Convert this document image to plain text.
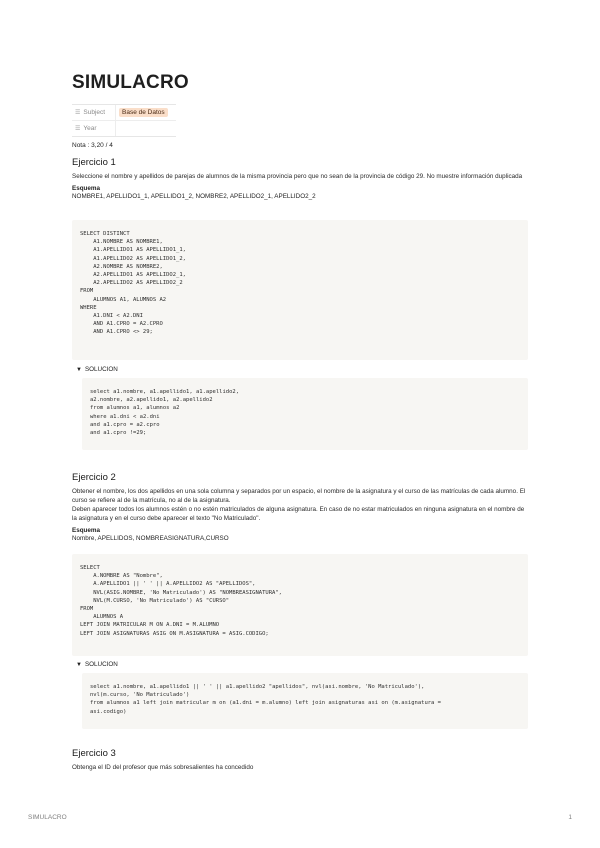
SIMULACRO
☰ Subject	Base de Datos
☰ Year
Nota : 3,20 / 4
Ejercicio 1

Seleccione el nombre y apellidos de parejas de alumnos de la misma provincia pero que no sean de la provincia de código 29. No muestre información duplicada

Esquema

NOMBRE1, APELLIDO1_1, APELLIDO1_2, NOMBRE2, APELLIDO2_1, APELLIDO2_2

SELECT DISTINCT
A1.NOMBRE AS NOMBRE1,
A1.APELLIDO1 AS APELLIDO1_1,
A1.APELLIDO2 AS APELLIDO1_2,
A2.NOMBRE AS NOMBRE2,
A2.APELLIDO1 AS APELLIDO2_1,
A2.APELLIDO2 AS APELLIDO2_2
FROM
ALUMNOS A1, ALUMNOS A2
WHERE
A1.DNI < A2.DNI
AND A1.CPRO = A2.CPRO
AND A1.CPRO <> 29;
▼ SOLUCION
select a1.nombre, a1.apellido1, a1.apellido2,
a2.nombre, a2.apellido1, a2.apellido2
from alumnos a1, alumnos a2
where a1.dni < a2.dni
and a1.cpro = a2.cpro
and a1.cpro !=29;
Ejercicio 2

Obtener el nombre, los dos apellidos en una sola columna y separados por un espacio, el nombre de la asignatura y el curso de las matrículas de cada alumno. El curso se refiere al de la matrícula, no al de la asignatura.

Deben aparecer todos los alumnos estén o no estén matriculados de alguna asignatura. En caso de no estar matriculados en ninguna asignatura en el nombre de la asignatura y en el curso debe aparecer el texto "No Matriculado".

Esquema

Nombre, APELLIDOS, NOMBREASIGNATURA,CURSO

SELECT
A.NOMBRE AS "Nombre",
A.APELLIDO1 || ' ' || A.APELLIDO2 AS "APELLIDOS",
NVL(ASIG.NOMBRE, 'No Matriculado') AS "NOMBREASIGNATURA",
NVL(M.CURSO, 'No Matriculado') AS "CURSO"
FROM
ALUMNOS A
LEFT JOIN MATRICULAR M ON A.DNI = M.ALUMNO
LEFT JOIN ASIGNATURAS ASIG ON M.ASIGNATURA = ASIG.CODIGO;
▼ SOLUCION
select a1.nombre, a1.apellido1 || ' ' || a1.apellido2 "apellidos", nvl(asi.nombre, 'No Matriculado'),
nvl(m.curso, 'No Matriculado')
from alumnos a1 left join matricular m on (a1.dni = m.alumno) left join asignaturas asi on (m.asignatura =
asi.codigo)
Ejercicio 3

Obtenga el ID del profesor que más sobresalientes ha concedido

SIMULACRO	1
